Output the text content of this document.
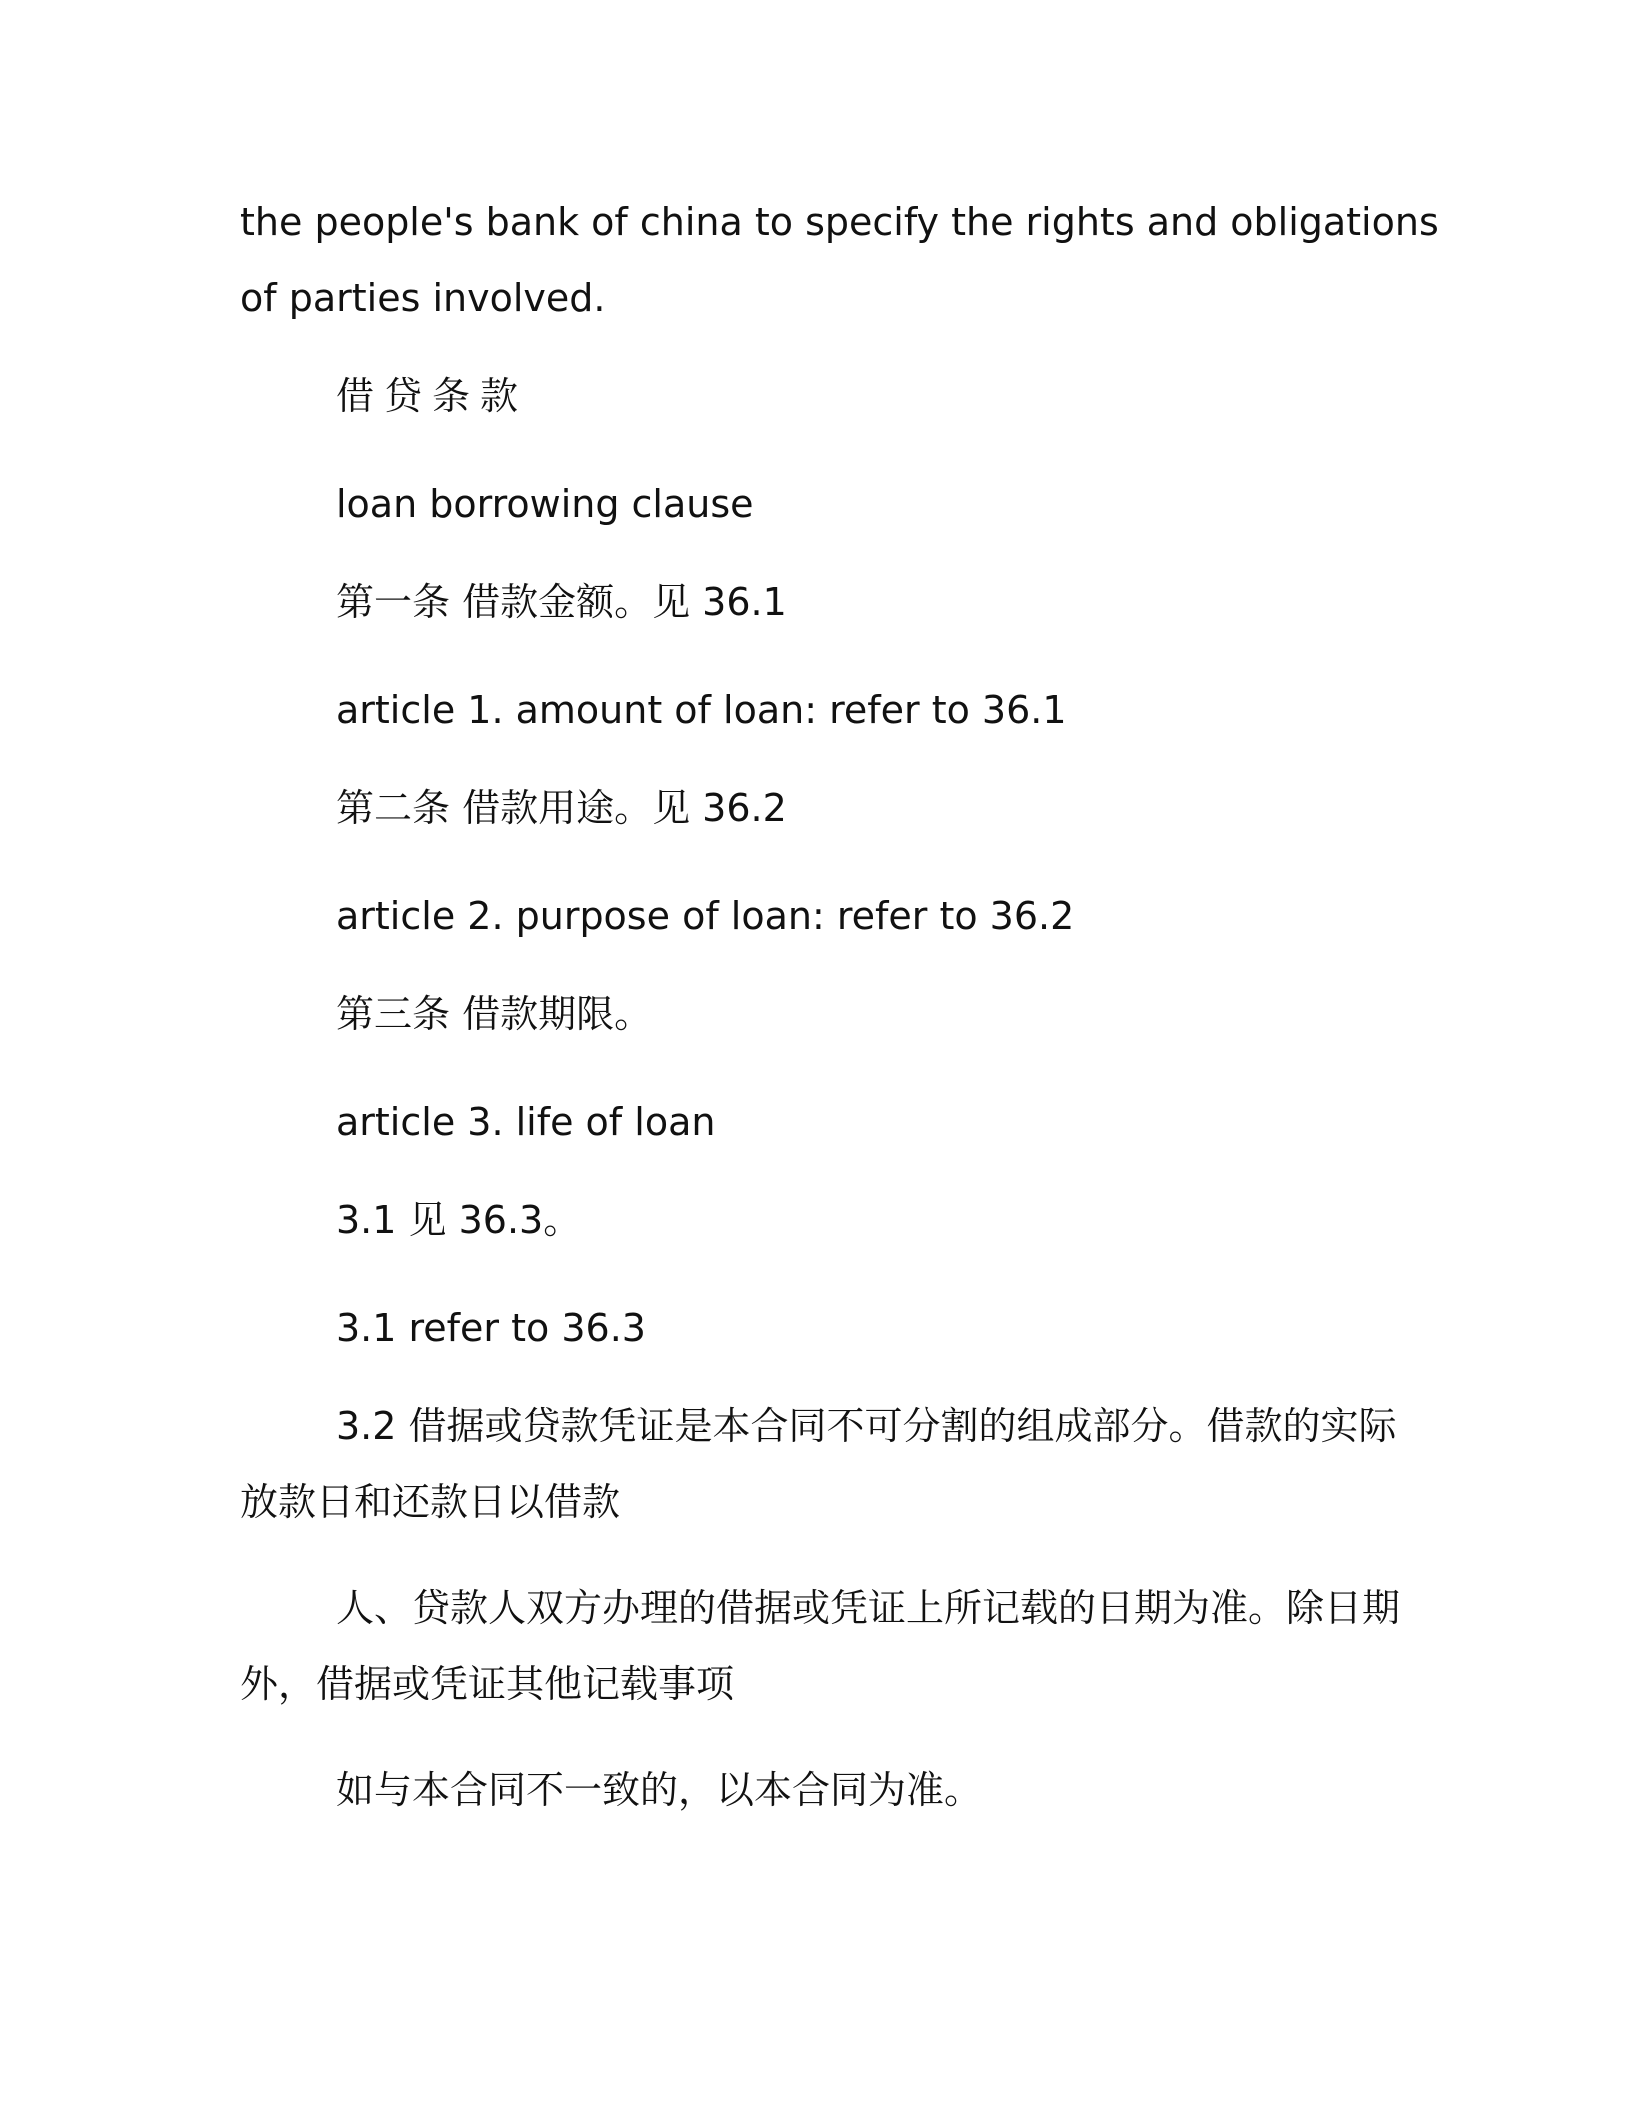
the people's bank of china to specify the rights and obligations

of parties involved.

借贷条款

loan borrowing clause

第一条 借款金额。见 36.1

article 1. amount of loan: refer to 36.1

第二条 借款用途。见 36.2

article 2. purpose of loan: refer to 36.2

第三条 借款期限。

article 3. life of loan

3.1 见 36.3。

3.1 refer to 36.3

3.2 借据或贷款凭证是本合同不可分割的组成部分。借款的实际

放款日和还款日以借款

人、贷款人双方办理的借据或凭证上所记载的日期为准。除日期

外，借据或凭证其他记载事项

如与本合同不一致的，以本合同为准。
